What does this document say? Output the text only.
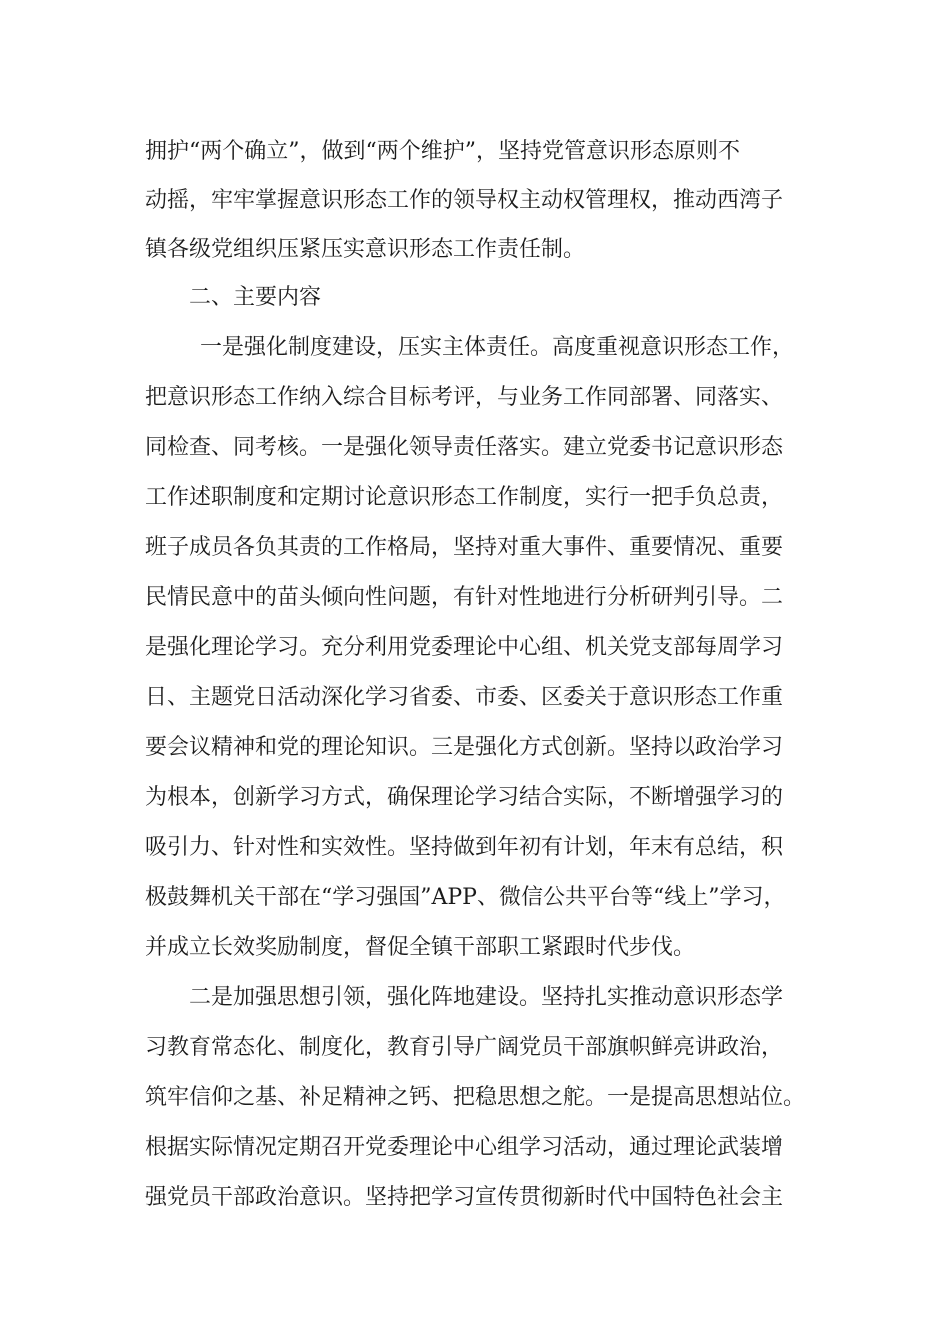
拥护“两个确立”，做到“两个维护”，坚持党管意识形态原则不
动摇，牢牢掌握意识形态工作的领导权主动权管理权，推动西湾子
镇各级党组织压紧压实意识形态工作责任制。
二、主要内容
一是强化制度建设，压实主体责任。高度重视意识形态工作，
把意识形态工作纳入综合目标考评，与业务工作同部署、同落实、
同检查、同考核。一是强化领导责任落实。建立党委书记意识形态
工作述职制度和定期讨论意识形态工作制度，实行一把手负总责，
班子成员各负其责的工作格局，坚持对重大事件、重要情况、重要
民情民意中的苗头倾向性问题，有针对性地进行分析研判引导。二
是强化理论学习。充分利用党委理论中心组、机关党支部每周学习
日、主题党日活动深化学习省委、市委、区委关于意识形态工作重
要会议精神和党的理论知识。三是强化方式创新。坚持以政治学习
为根本，创新学习方式，确保理论学习结合实际，不断增强学习的
吸引力、针对性和实效性。坚持做到年初有计划，年末有总结，积
极鼓舞机关干部在“学习强国”APP、微信公共平台等“线上”学习，
并成立长效奖励制度，督促全镇干部职工紧跟时代步伐。
二是加强思想引领，强化阵地建设。坚持扎实推动意识形态学
习教育常态化、制度化，教育引导广阔党员干部旗帜鲜亮讲政治，
筑牢信仰之基、补足精神之钙、把稳思想之舵。一是提高思想站位。
根据实际情况定期召开党委理论中心组学习活动，通过理论武装增
强党员干部政治意识。坚持把学习宣传贯彻新时代中国特色社会主
